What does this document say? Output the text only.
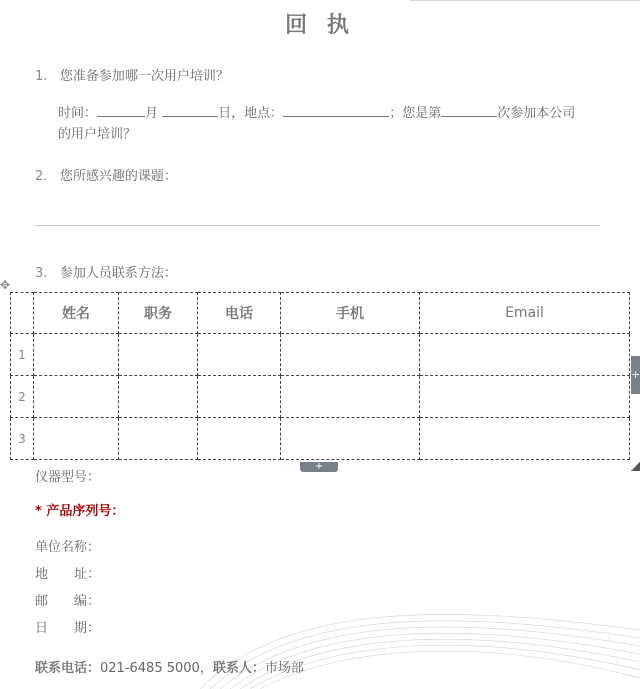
回 执
1. 您准备参加哪一次用户培训？
时间：	月	日，地点：	；您是第	次参加本公司
的用户培训？
2. 您所感兴趣的课题：
3. 参加人员联系方法：
✥
	姓名	职务	电话	手机	Email
1					
2					
3					
+
+
仪器型号：
* 产品序列号：
单位名称：
地 址：
邮 编：
日 期：
联系电话：021-6485 5000，联系人：市场部
